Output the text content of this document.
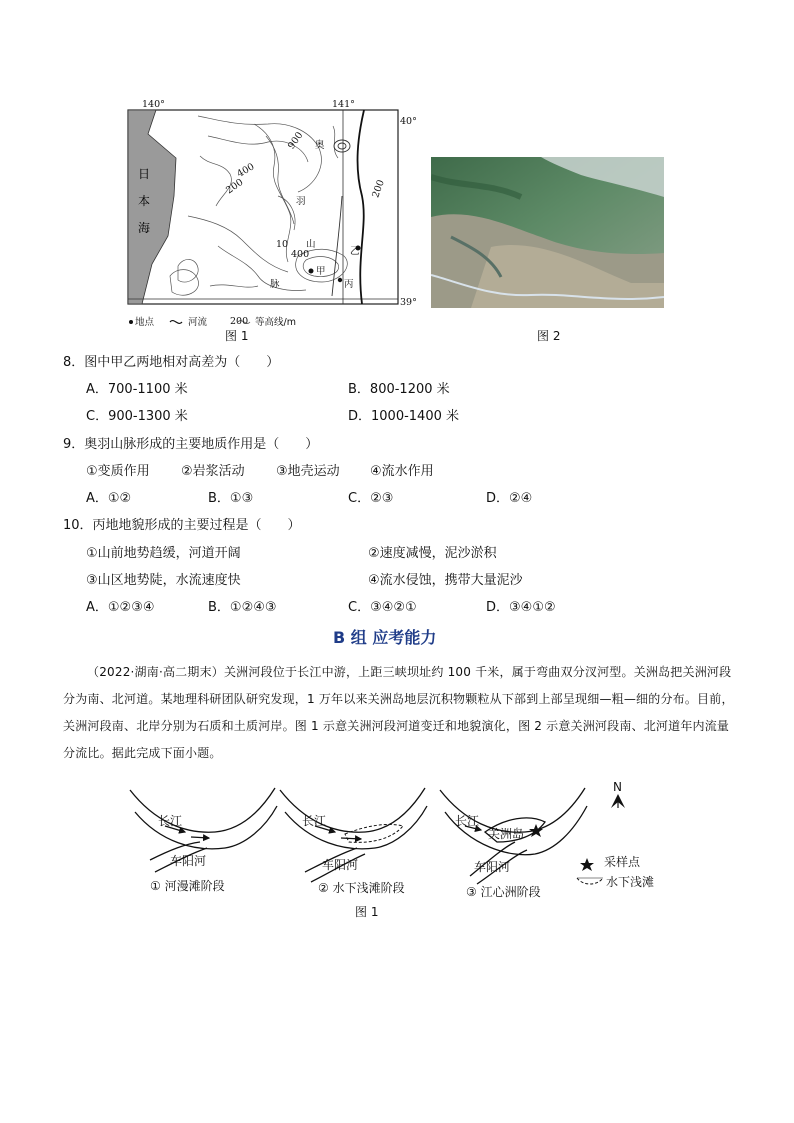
140°	141°
40°
39°
日
本
海
奥
羽
山
脉
900
400
200	200
10
400
甲
乙
丙
地点	河流 200 等高线/m
图 1	图 2
8．图中甲乙两地相对高差为（　　）
A．700-1100 米	B．800-1200 米
C．900-1300 米	D．1000-1400 米
9．奥羽山脉形成的主要地质作用是（　　）
①变质作用 ②岩浆活动 ③地壳运动 ④流水作用
A．①②	B．①③	C．②③	D．②④
10．丙地地貌形成的主要过程是（　　）
①山前地势趋缓，河道开阔	②速度减慢，泥沙淤积
③山区地势陡，水流速度快	④流水侵蚀，携带大量泥沙
A．①②③④	B．①②④③	C．③④②①	D．③④①②
B 组 应考能力
（2022·湖南·高二期末）关洲河段位于长江中游，上距三峡坝址约 100 千米，属于弯曲双分汊河型。关洲岛把关洲河段分为南、北河道。某地理科研团队研究发现，1 万年以来关洲岛地层沉积物颗粒从下部到上部呈现细—粗—细的分布。目前，关洲河段南、北岸分别为石质和土质河岸。图 1 示意关洲河段河道变迁和地貌演化，图 2 示意关洲河段南、北河道年内流量分流比。据此完成下面小题。
长江	长江	长江
车阳河	车阳河	车阳河
关洲岛
① 河漫滩阶段	② 水下浅滩阶段	③ 江心洲阶段
N
采样点
水下浅滩
图 1
